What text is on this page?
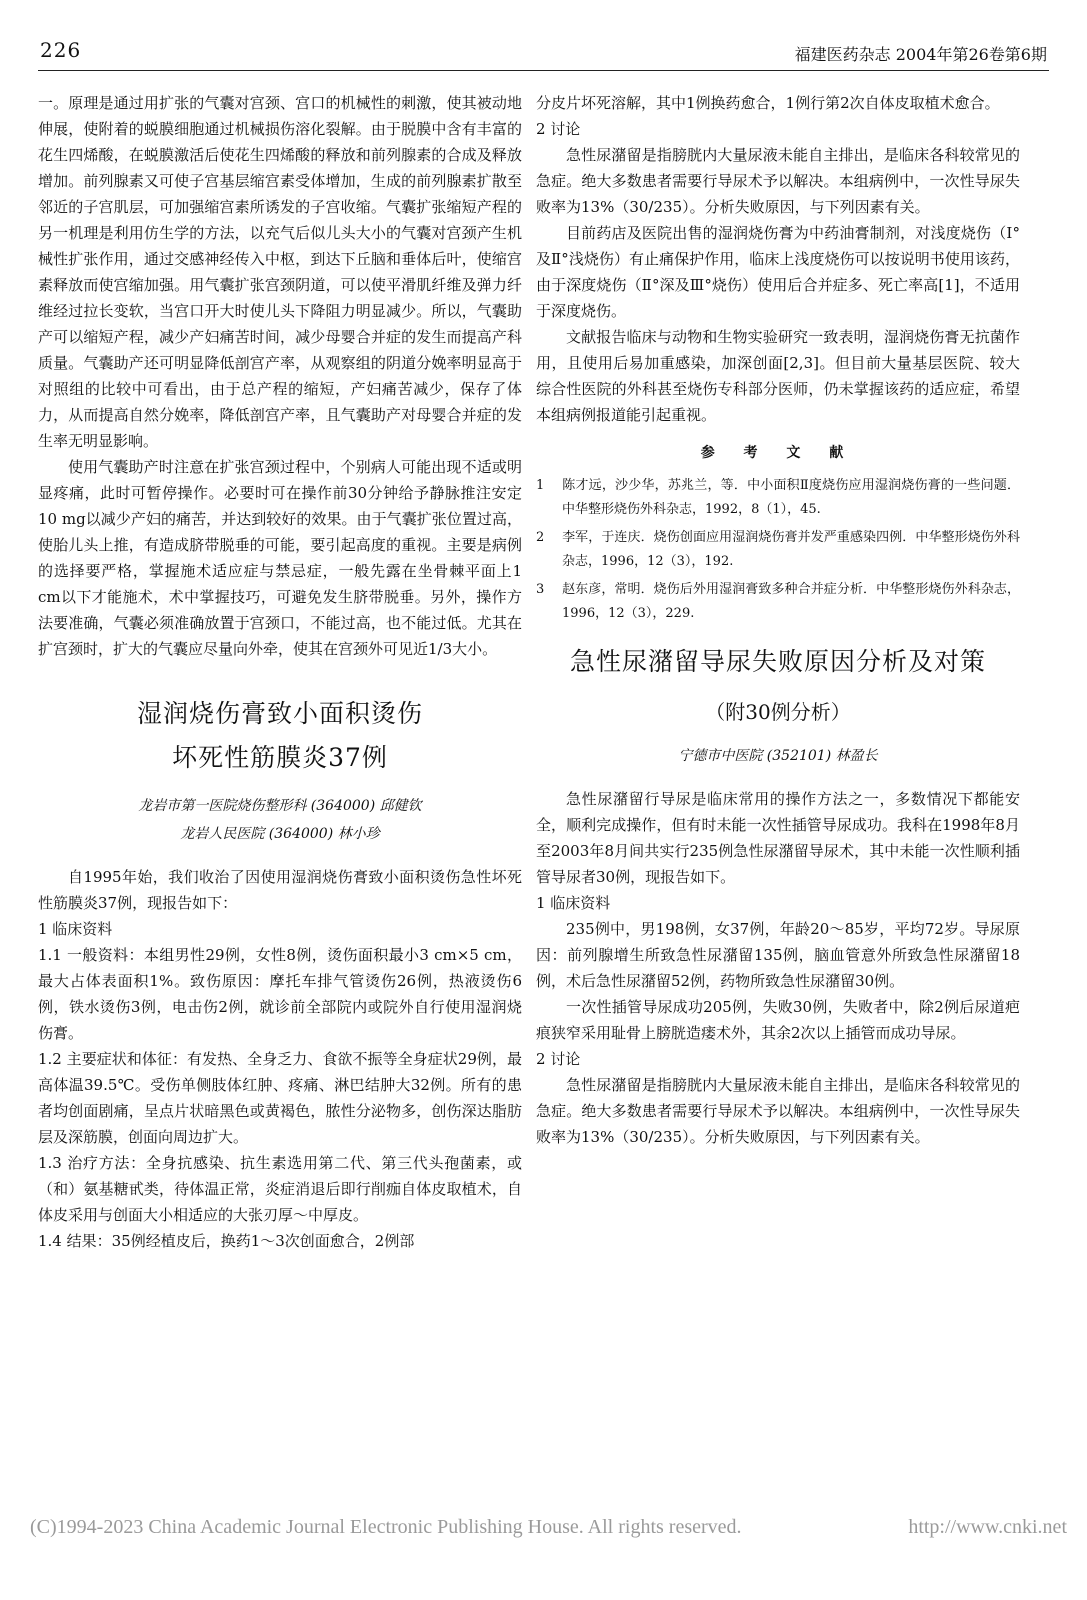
226	福建医药杂志 2004年第26卷第6期

一。原理是通过用扩张的气囊对宫颈、宫口的机械性的刺激，使其被动地伸展，使附着的蜕膜细胞通过机械损伤溶化裂解。由于脱膜中含有丰富的花生四烯酸，在蜕膜激活后使花生四烯酸的释放和前列腺素的合成及释放增加。前列腺素又可使子宫基层缩宫素受体增加，生成的前列腺素扩散至邻近的子宫肌层，可加强缩宫素所诱发的子宫收缩。气囊扩张缩短产程的另一机理是利用仿生学的方法，以充气后似儿头大小的气囊对宫颈产生机械性扩张作用，通过交感神经传入中枢，到达下丘脑和垂体后叶，使缩宫素释放而使宫缩加强。用气囊扩张宫颈阴道，可以使平滑肌纤维及弹力纤维经过拉长变软，当宫口开大时使儿头下降阻力明显减少。所以，气囊助产可以缩短产程，减少产妇痛苦时间，减少母婴合并症的发生而提高产科质量。气囊助产还可明显降低剖宫产率，从观察组的阴道分娩率明显高于对照组的比较中可看出，由于总产程的缩短，产妇痛苦减少，保存了体力，从而提高自然分娩率，降低剖宫产率，且气囊助产对母婴合并症的发生率无明显影响。

使用气囊助产时注意在扩张宫颈过程中，个别病人可能出现不适或明显疼痛，此时可暂停操作。必要时可在操作前30分钟给予静脉推注安定10 mg以减少产妇的痛苦，并达到较好的效果。由于气囊扩张位置过高，使胎儿头上推，有造成脐带脱垂的可能，要引起高度的重视。主要是病例的选择要严格，掌握施术适应症与禁忌症，一般先露在坐骨棘平面上1 cm以下才能施术，术中掌握技巧，可避免发生脐带脱垂。另外，操作方法要准确，气囊必须准确放置于宫颈口，不能过高，也不能过低。尤其在扩宫颈时，扩大的气囊应尽量向外牵，使其在宫颈外可见近1/3大小。

湿润烧伤膏致小面积烫伤
坏死性筋膜炎37例
龙岩市第一医院烧伤整形科 (364000) 邱健钦
龙岩人民医院 (364000) 林小珍

自1995年始，我们收治了因使用湿润烧伤膏致小面积烫伤急性坏死性筋膜炎37例，现报告如下：

1 临床资料

1.1 一般资料：本组男性29例，女性8例，烫伤面积最小3 cm×5 cm，最大占体表面积1%。致伤原因：摩托车排气管烫伤26例，热液烫伤6例，铁水烫伤3例，电击伤2例，就诊前全部院内或院外自行使用湿润烧伤膏。

1.2 主要症状和体征：有发热、全身乏力、食欲不振等全身症状29例，最高体温39.5℃。受伤单侧肢体红肿、疼痛、淋巴结肿大32例。所有的患者均创面剧痛，呈点片状暗黑色或黄褐色，脓性分泌物多，创伤深达脂肪层及深筋膜，创面向周边扩大。

1.3 治疗方法：全身抗感染、抗生素选用第二代、第三代头孢菌素，或（和）氨基糖甙类，待体温正常，炎症消退后即行削痂自体皮取植术，自体皮采用与创面大小相适应的大张刃厚～中厚皮。

1.4 结果：35例经植皮后，换药1～3次创面愈合，2例部

分皮片坏死溶解，其中1例换药愈合，1例行第2次自体皮取植术愈合。

2 讨论

急性尿潴留是指膀胱内大量尿液未能自主排出，是临床各科较常见的急症。绝大多数患者需要行导尿术予以解决。本组病例中，一次性导尿失败率为13%（30/235）。分析失败原因，与下列因素有关。

目前药店及医院出售的湿润烧伤膏为中药油膏制剂，对浅度烧伤（Ⅰ°及Ⅱ°浅烧伤）有止痛保护作用，临床上浅度烧伤可以按说明书使用该药，由于深度烧伤（Ⅱ°深及Ⅲ°烧伤）使用后合并症多、死亡率高[1]，不适用于深度烧伤。

文献报告临床与动物和生物实验研究一致表明，湿润烧伤膏无抗菌作用，且使用后易加重感染，加深创面[2,3]。但目前大量基层医院、较大综合性医院的外科甚至烧伤专科部分医师，仍未掌握该药的适应症，希望本组病例报道能引起重视。

参 考 文 献
1 陈才远，沙少华，苏兆兰，等．中小面积Ⅱ度烧伤应用湿润烧伤膏的一些问题．中华整形烧伤外科杂志，1992，8（1），45.
2 李军，于连庆．烧伤创面应用湿润烧伤膏并发严重感染四例．中华整形烧伤外科杂志，1996，12（3），192.
3 赵东彦，常明．烧伤后外用湿润膏致多种合并症分析．中华整形烧伤外科杂志，1996，12（3），229.
急性尿潴留导尿失败原因分析及对策
（附30例分析）
宁德市中医院 (352101) 林盈长

急性尿潴留行导尿是临床常用的操作方法之一，多数情况下都能安全，顺利完成操作，但有时未能一次性插管导尿成功。我科在1998年8月至2003年8月间共实行235例急性尿潴留导尿术，其中未能一次性顺利插管导尿者30例，现报告如下。

1 临床资料

235例中，男198例，女37例，年龄20～85岁，平均72岁。导尿原因：前列腺增生所致急性尿潴留135例，脑血管意外所致急性尿潴留18例，术后急性尿潴留52例，药物所致急性尿潴留30例。

一次性插管导尿成功205例，失败30例，失败者中，除2例后尿道疤痕狭窄采用耻骨上膀胱造瘘术外，其余2次以上插管而成功导尿。

2 讨论

急性尿潴留是指膀胱内大量尿液未能自主排出，是临床各科较常见的急症。绝大多数患者需要行导尿术予以解决。本组病例中，一次性导尿失败率为13%（30/235）。分析失败原因，与下列因素有关。

(C)1994-2023 China Academic Journal Electronic Publishing House. All rights reserved.	http://www.cnki.net
